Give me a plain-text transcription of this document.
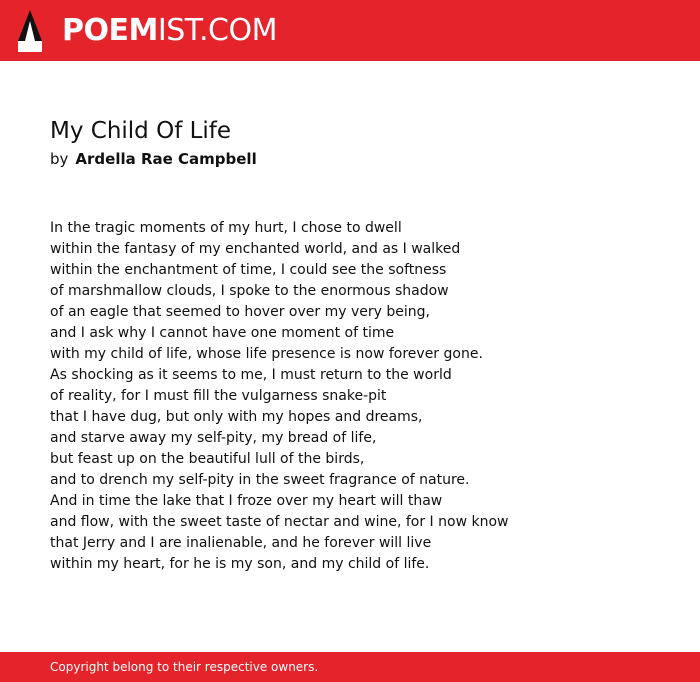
POEMIST.COM
My Child Of Life
by Ardella Rae Campbell
In the tragic moments of my hurt, I chose to dwell
within the fantasy of my enchanted world, and as I walked
within the enchantment of time, I could see the softness
of marshmallow clouds, I spoke to the enormous shadow
of an eagle that seemed to hover over my very being,
and I ask why I cannot have one moment of time
with my child of life, whose life presence is now forever gone.
As shocking as it seems to me, I must return to the world
of reality, for I must fill the vulgarness snake-pit
that I have dug, but only with my hopes and dreams,
and starve away my self-pity, my bread of life,
but feast up on the beautiful lull of the birds,
and to drench my self-pity in the sweet fragrance of nature.
And in time the lake that I froze over my heart will thaw
and flow, with the sweet taste of nectar and wine, for I now know
that Jerry and I are inalienable, and he forever will live
within my heart, for he is my son, and my child of life.
Copyright belong to their respective owners.
